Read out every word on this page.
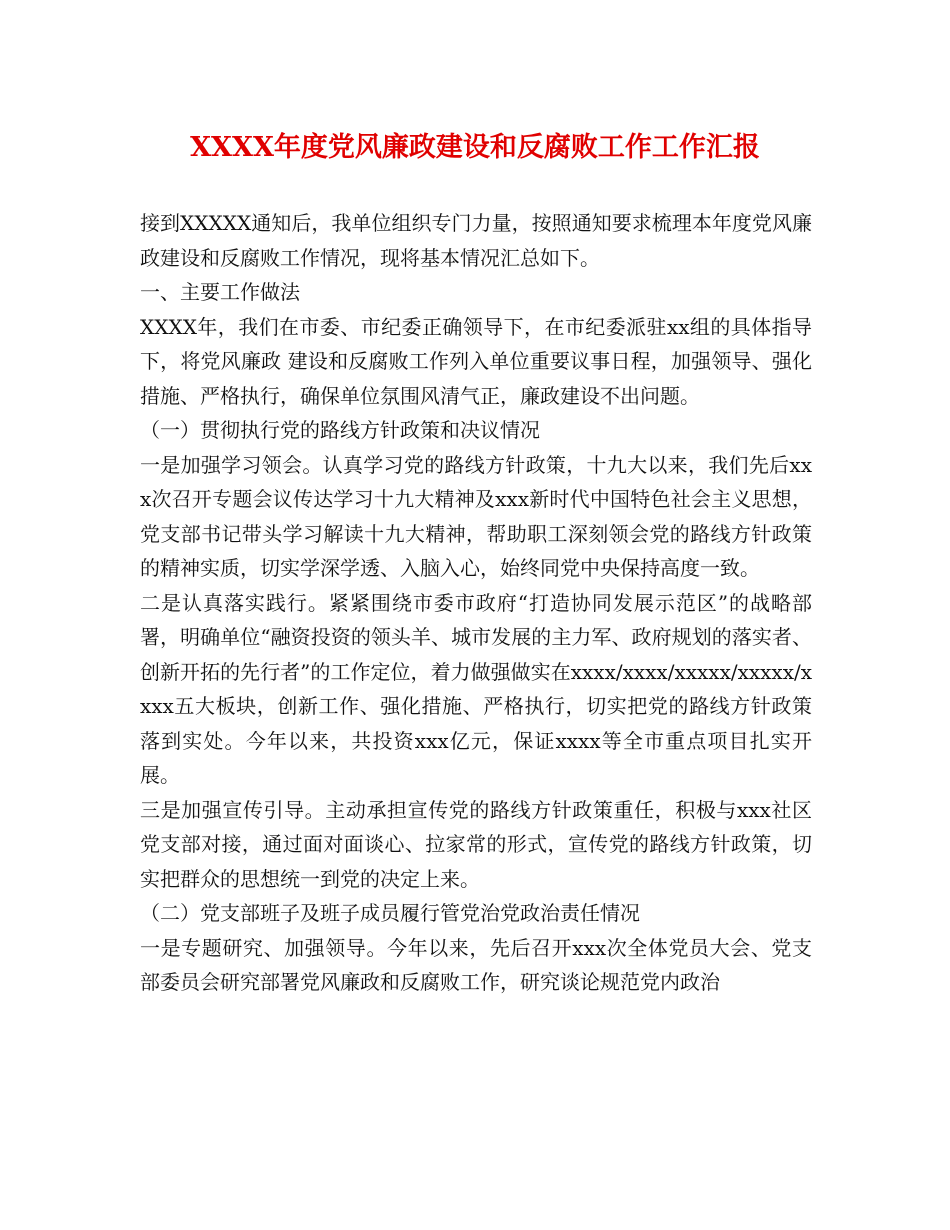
XXXX年度党风廉政建设和反腐败工作工作汇报

接到XXXXX通知后，我单位组织专门力量，按照通知要求梳理本年度党风廉政建设和反腐败工作情况，现将基本情况汇总如下。

一、主要工作做法

XXXX年，我们在市委、市纪委正确领导下，在市纪委派驻xx组的具体指导下，将党风廉政 建设和反腐败工作列入单位重要议事日程，加强领导、强化措施、严格执行，确保单位氛围风清气正，廉政建设不出问题。

（一）贯彻执行党的路线方针政策和决议情况

一是加强学习领会。认真学习党的路线方针政策，十九大以来，我们先后xxx次召开专题会议传达学习十九大精神及xxx新时代中国特色社会主义思想，党支部书记带头学习解读十九大精神，帮助职工深刻领会党的路线方针政策的精神实质，切实学深学透、入脑入心，始终同党中央保持高度一致。

二是认真落实践行。紧紧围绕市委市政府“打造协同发展示范区”的战略部署，明确单位“融资投资的领头羊、城市发展的主力军、政府规划的落实者、创新开拓的先行者”的工作定位，着力做强做实在xxxx/xxxx/xxxxx/xxxxx/xxxx五大板块，创新工作、强化措施、严格执行，切实把党的路线方针政策落到实处。今年以来，共投资xxx亿元，保证xxxx等全市重点项目扎实开展。

三是加强宣传引导。主动承担宣传党的路线方针政策重任，积极与xxx社区党支部对接，通过面对面谈心、拉家常的形式，宣传党的路线方针政策，切实把群众的思想统一到党的决定上来。

（二）党支部班子及班子成员履行管党治党政治责任情况

一是专题研究、加强领导。今年以来，先后召开xxx次全体党员大会、党支部委员会研究部署党风廉政和反腐败工作，研究谈论规范党内政治
